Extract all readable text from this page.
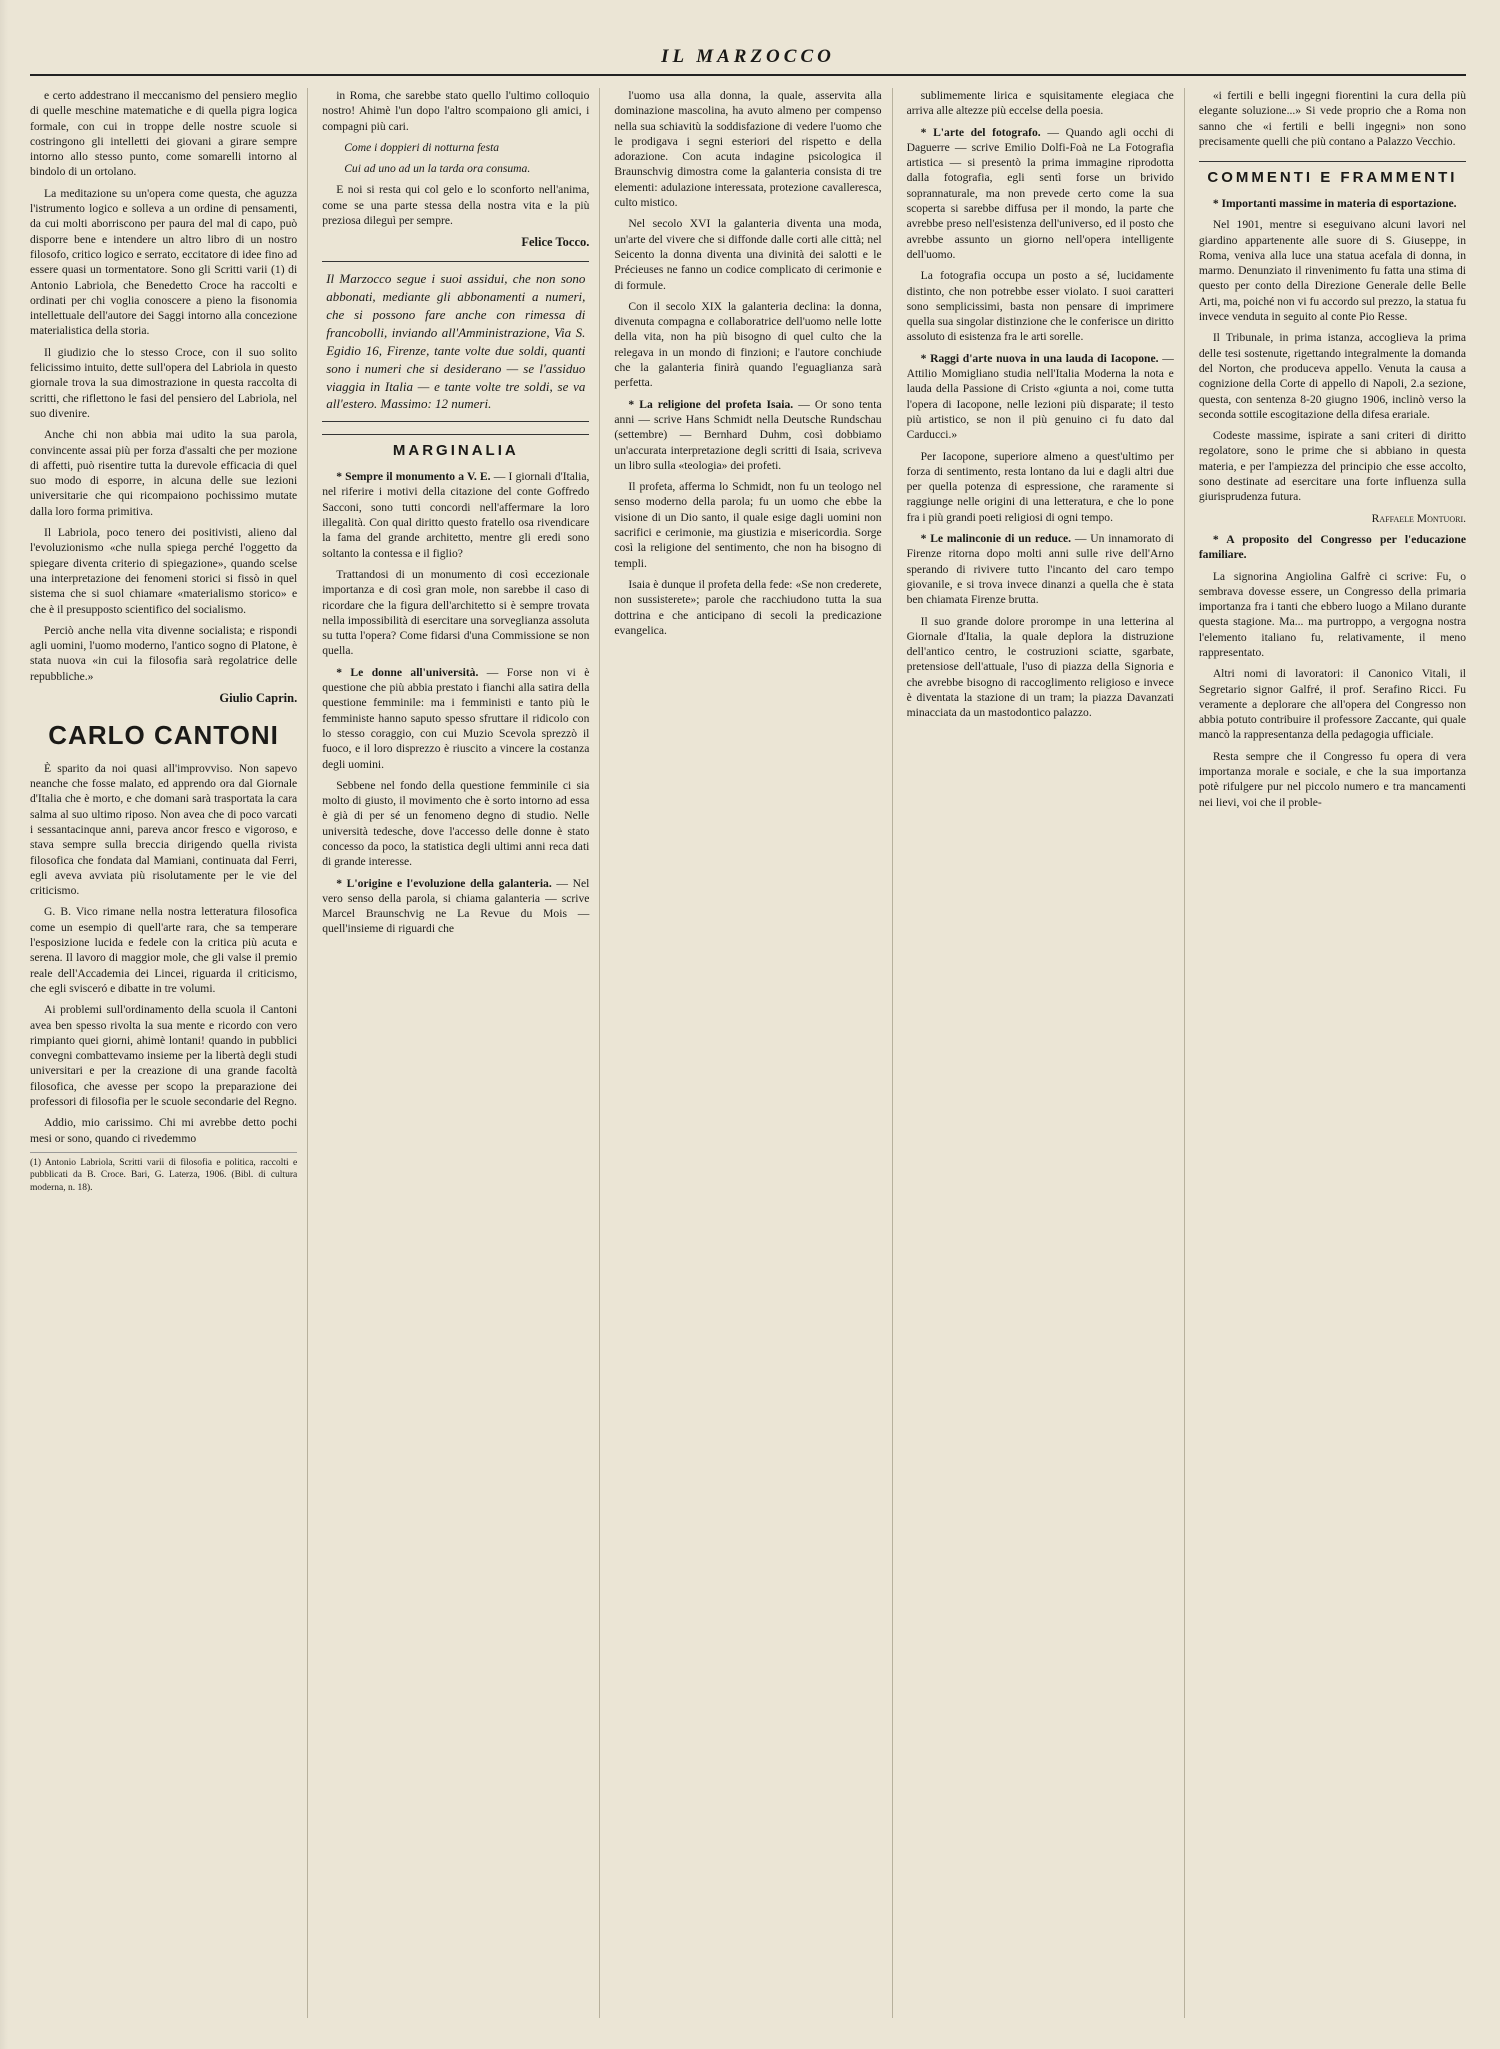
IL MARZOCCO

e certo addestrano il meccanismo del pensiero meglio di quelle meschine matematiche e di quella pigra logica formale, con cui in troppe delle nostre scuole si costringono gli intelletti dei giovani a girare sempre intorno allo stesso punto, come somarelli intorno al bindolo di un ortolano.

La meditazione su un'opera come questa, che aguzza l'istrumento logico e solleva a un ordine di pensamenti, da cui molti aborriscono per paura del mal di capo, può disporre bene e intendere un altro libro di un nostro filosofo, critico logico e serrato, eccitatore di idee fino ad essere quasi un tormentatore. Sono gli Scritti varii (1) di Antonio Labriola, che Benedetto Croce ha raccolti e ordinati per chi voglia conoscere a pieno la fisonomia intellettuale dell'autore dei Saggi intorno alla concezione materialistica della storia.

Il giudizio che lo stesso Croce, con il suo solito felicissimo intuito, dette sull'opera del Labriola in questo giornale trova la sua dimostrazione in questa raccolta di scritti, che riflettono le fasi del pensiero del Labriola, nel suo divenire.

Anche chi non abbia mai udito la sua parola, convincente assai più per forza d'assalti che per mozione di affetti, può risentire tutta la durevole efficacia di quel suo modo di esporre, in alcuna delle sue lezioni universitarie che qui ricompaiono pochissimo mutate dalla loro forma primitiva.

Il Labriola, poco tenero dei positivisti, alieno dal l'evoluzionismo «che nulla spiega perché l'oggetto da spiegare diventa criterio di spiegazione», quando scelse una interpretazione dei fenomeni storici si fissò in quel sistema che si suol chiamare «materialismo storico» e che è il presupposto scientifico del socialismo.

Perciò anche nella vita divenne socialista; e rispondi agli uomini, l'uomo moderno, l'antico sogno di Platone, è stata nuova «in cui la filosofia sarà regolatrice delle repubbliche.»

Giulio Caprin.
CARLO CANTONI

È sparito da noi quasi all'improvviso. Non sapevo neanche che fosse malato, ed apprendo ora dal Giornale d'Italia che è morto, e che domani sarà trasportata la cara salma al suo ultimo riposo. Non avea che di poco varcati i sessantacinque anni, pareva ancor fresco e vigoroso, e stava sempre sulla breccia dirigendo quella rivista filosofica che fondata dal Mamiani, continuata dal Ferri, egli aveva avviata più risolutamente per le vie del criticismo.

G. B. Vico rimane nella nostra letteratura filosofica come un esempio di quell'arte rara, che sa temperare l'esposizione lucida e fedele con la critica più acuta e serena. Il lavoro di maggior mole, che gli valse il premio reale dell'Accademia dei Lincei, riguarda il criticismo, che egli svisceró e dibatte in tre volumi.

Ai problemi sull'ordinamento della scuola il Cantoni avea ben spesso rivolta la sua mente e ricordo con vero rimpianto quei giorni, ahimè lontani! quando in pubblici convegni combattevamo insieme per la libertà degli studi universitari e per la creazione di una grande facoltà filosofica, che avesse per scopo la preparazione dei professori di filosofia per le scuole secondarie del Regno.

Addio, mio carissimo. Chi mi avrebbe detto pochi mesi or sono, quando ci rivedemmo

(1) Antonio Labriola, Scritti varii di filosofia e politica, raccolti e pubblicati da B. Croce. Bari, G. Laterza, 1906. (Bibl. di cultura moderna, n. 18).

in Roma, che sarebbe stato quello l'ultimo colloquio nostro! Ahimè l'un dopo l'altro scompaiono gli amici, i compagni più cari.

Come i doppieri di notturna festa

Cui ad uno ad un la tarda ora consuma.

E noi si resta qui col gelo e lo sconforto nell'anima, come se una parte stessa della nostra vita e la più preziosa dileguì per sempre.

Felice Tocco.
Il Marzocco segue i suoi assidui, che non sono abbonati, mediante gli abbonamenti a numeri, che si possono fare anche con rimessa di francobolli, inviando all'Amministrazione, Via S. Egidio 16, Firenze, tante volte due soldi, quanti sono i numeri che si desiderano — se l'assiduo viaggia in Italia — e tante volte tre soldi, se va all'estero. Massimo: 12 numeri.
MARGINALIA

* Sempre il monumento a V. E. — I giornali d'Italia, nel riferire i motivi della citazione del conte Goffredo Sacconi, sono tutti concordi nell'affermare la loro illegalità. Con qual diritto questo fratello osa rivendicare la fama del grande architetto, mentre gli eredi sono soltanto la contessa e il figlio?

Trattandosi di un monumento di così eccezionale importanza e di così gran mole, non sarebbe il caso di ricordare che la figura dell'architetto si è sempre trovata nella impossibilità di esercitare una sorveglianza assoluta su tutta l'opera? Come fidarsi d'una Commissione se non quella.

* Le donne all'università. — Forse non vi è questione che più abbia prestato i fianchi alla satira della questione femminile: ma i femministi e tanto più le femministe hanno saputo spesso sfruttare il ridicolo con lo stesso coraggio, con cui Muzio Scevola sprezzò il fuoco, e il loro disprezzo è riuscito a vincere la costanza degli uomini.

Sebbene nel fondo della questione femminile ci sia molto di giusto, il movimento che è sorto intorno ad essa è già di per sé un fenomeno degno di studio. Nelle università tedesche, dove l'accesso delle donne è stato concesso da poco, la statistica degli ultimi anni reca dati di grande interesse.

* L'origine e l'evoluzione della galanteria. — Nel vero senso della parola, si chiama galanteria — scrive Marcel Braunschvig ne La Revue du Mois — quell'insieme di riguardi che

l'uomo usa alla donna, la quale, asservita alla dominazione mascolina, ha avuto almeno per compenso nella sua schiavitù la soddisfazione di vedere l'uomo che le prodigava i segni esteriori del rispetto e della adorazione. Con acuta indagine psicologica il Braunschvig dimostra come la galanteria consista di tre elementi: adulazione interessata, protezione cavalleresca, culto mistico.

Nel secolo XVI la galanteria diventa una moda, un'arte del vivere che si diffonde dalle corti alle città; nel Seicento la donna diventa una divinità dei salotti e le Précieuses ne fanno un codice complicato di cerimonie e di formule.

Con il secolo XIX la galanteria declina: la donna, divenuta compagna e collaboratrice dell'uomo nelle lotte della vita, non ha più bisogno di quel culto che la relegava in un mondo di finzioni; e l'autore conchiude che la galanteria finirà quando l'eguaglianza sarà perfetta.

* La religione del profeta Isaia. — Or sono tenta anni — scrive Hans Schmidt nella Deutsche Rundschau (settembre) — Bernhard Duhm, così dobbiamo un'accurata interpretazione degli scritti di Isaia, scriveva un libro sulla «teologia» dei profeti.

Il profeta, afferma lo Schmidt, non fu un teologo nel senso moderno della parola; fu un uomo che ebbe la visione di un Dio santo, il quale esige dagli uomini non sacrifici e cerimonie, ma giustizia e misericordia. Sorge così la religione del sentimento, che non ha bisogno di templi.

Isaia è dunque il profeta della fede: «Se non crederete, non sussisterete»; parole che racchiudono tutta la sua dottrina e che anticipano di secoli la predicazione evangelica.

sublimemente lirica e squisitamente elegiaca che arriva alle altezze più eccelse della poesia.

* L'arte del fotografo. — Quando agli occhi di Daguerre — scrive Emilio Dolfi-Foà ne La Fotografia artistica — si presentò la prima immagine riprodotta dalla fotografia, egli sentì forse un brivido soprannaturale, ma non prevede certo come la sua scoperta si sarebbe diffusa per il mondo, la parte che avrebbe preso nell'esistenza dell'universo, ed il posto che avrebbe assunto un giorno nell'opera intelligente dell'uomo.

La fotografia occupa un posto a sé, lucidamente distinto, che non potrebbe esser violato. I suoi caratteri sono semplicissimi, basta non pensare di imprimere quella sua singolar distinzione che le conferisce un diritto assoluto di esistenza fra le arti sorelle.

* Raggi d'arte nuova in una lauda di Iacopone. — Attilio Momigliano studia nell'Italia Moderna la nota e lauda della Passione di Cristo «giunta a noi, come tutta l'opera di Iacopone, nelle lezioni più disparate; il testo più artistico, se non il più genuino ci fu dato dal Carducci.»

Per Iacopone, superiore almeno a quest'ultimo per forza di sentimento, resta lontano da lui e dagli altri due per quella potenza di espressione, che raramente si raggiunge nelle origini di una letteratura, e che lo pone fra i più grandi poeti religiosi di ogni tempo.

* Le malinconie di un reduce. — Un innamorato di Firenze ritorna dopo molti anni sulle rive dell'Arno sperando di rivivere tutto l'incanto del caro tempo giovanile, e si trova invece dinanzi a quella che è stata ben chiamata Firenze brutta.

Il suo grande dolore prorompe in una letterina al Giornale d'Italia, la quale deplora la distruzione dell'antico centro, le costruzioni sciatte, sgarbate, pretensiose dell'attuale, l'uso di piazza della Signoria e che avrebbe bisogno di raccoglimento religioso e invece è diventata la stazione di un tram; la piazza Davanzati minacciata da un mastodontico palazzo.

«i fertili e belli ingegni fiorentini la cura della più elegante soluzione...» Si vede proprio che a Roma non sanno che «i fertili e belli ingegni» non sono precisamente quelli che più contano a Palazzo Vecchio.

COMMENTI E FRAMMENTI

* Importanti massime in materia di esportazione.

Nel 1901, mentre si eseguivano alcuni lavori nel giardino appartenente alle suore di S. Giuseppe, in Roma, veniva alla luce una statua acefala di donna, in marmo. Denunziato il rinvenimento fu fatta una stima di questo per conto della Direzione Generale delle Belle Arti, ma, poiché non vi fu accordo sul prezzo, la statua fu invece venduta in seguito al conte Pio Resse.

Il Tribunale, in prima istanza, accoglieva la prima delle tesi sostenute, rigettando integralmente la domanda del Norton, che produceva appello. Venuta la causa a cognizione della Corte di appello di Napoli, 2.a sezione, questa, con sentenza 8-20 giugno 1906, inclinò verso la seconda sottile escogitazione della difesa erariale.

Codeste massime, ispirate a sani criteri di diritto regolatore, sono le prime che si abbiano in questa materia, e per l'ampiezza del principio che esse accolto, sono destinate ad esercitare una forte influenza sulla giurisprudenza futura.

Raffaele Montuori.

* A proposito del Congresso per l'educazione familiare.

La signorina Angiolina Galfrè ci scrive: Fu, o sembrava dovesse essere, un Congresso della primaria importanza fra i tanti che ebbero luogo a Milano durante questa stagione. Ma... ma purtroppo, a vergogna nostra l'elemento italiano fu, relativamente, il meno rappresentato.

Altri nomi di lavoratori: il Canonico Vitali, il Segretario signor Galfré, il prof. Serafino Ricci. Fu veramente a deplorare che all'opera del Congresso non abbia potuto contribuire il professore Zaccante, qui quale mancò la rappresentanza della pedagogia ufficiale.

Resta sempre che il Congresso fu opera di vera importanza morale e sociale, e che la sua importanza potè rifulgere pur nel piccolo numero e tra mancamenti nei lievi, voi che il proble-
